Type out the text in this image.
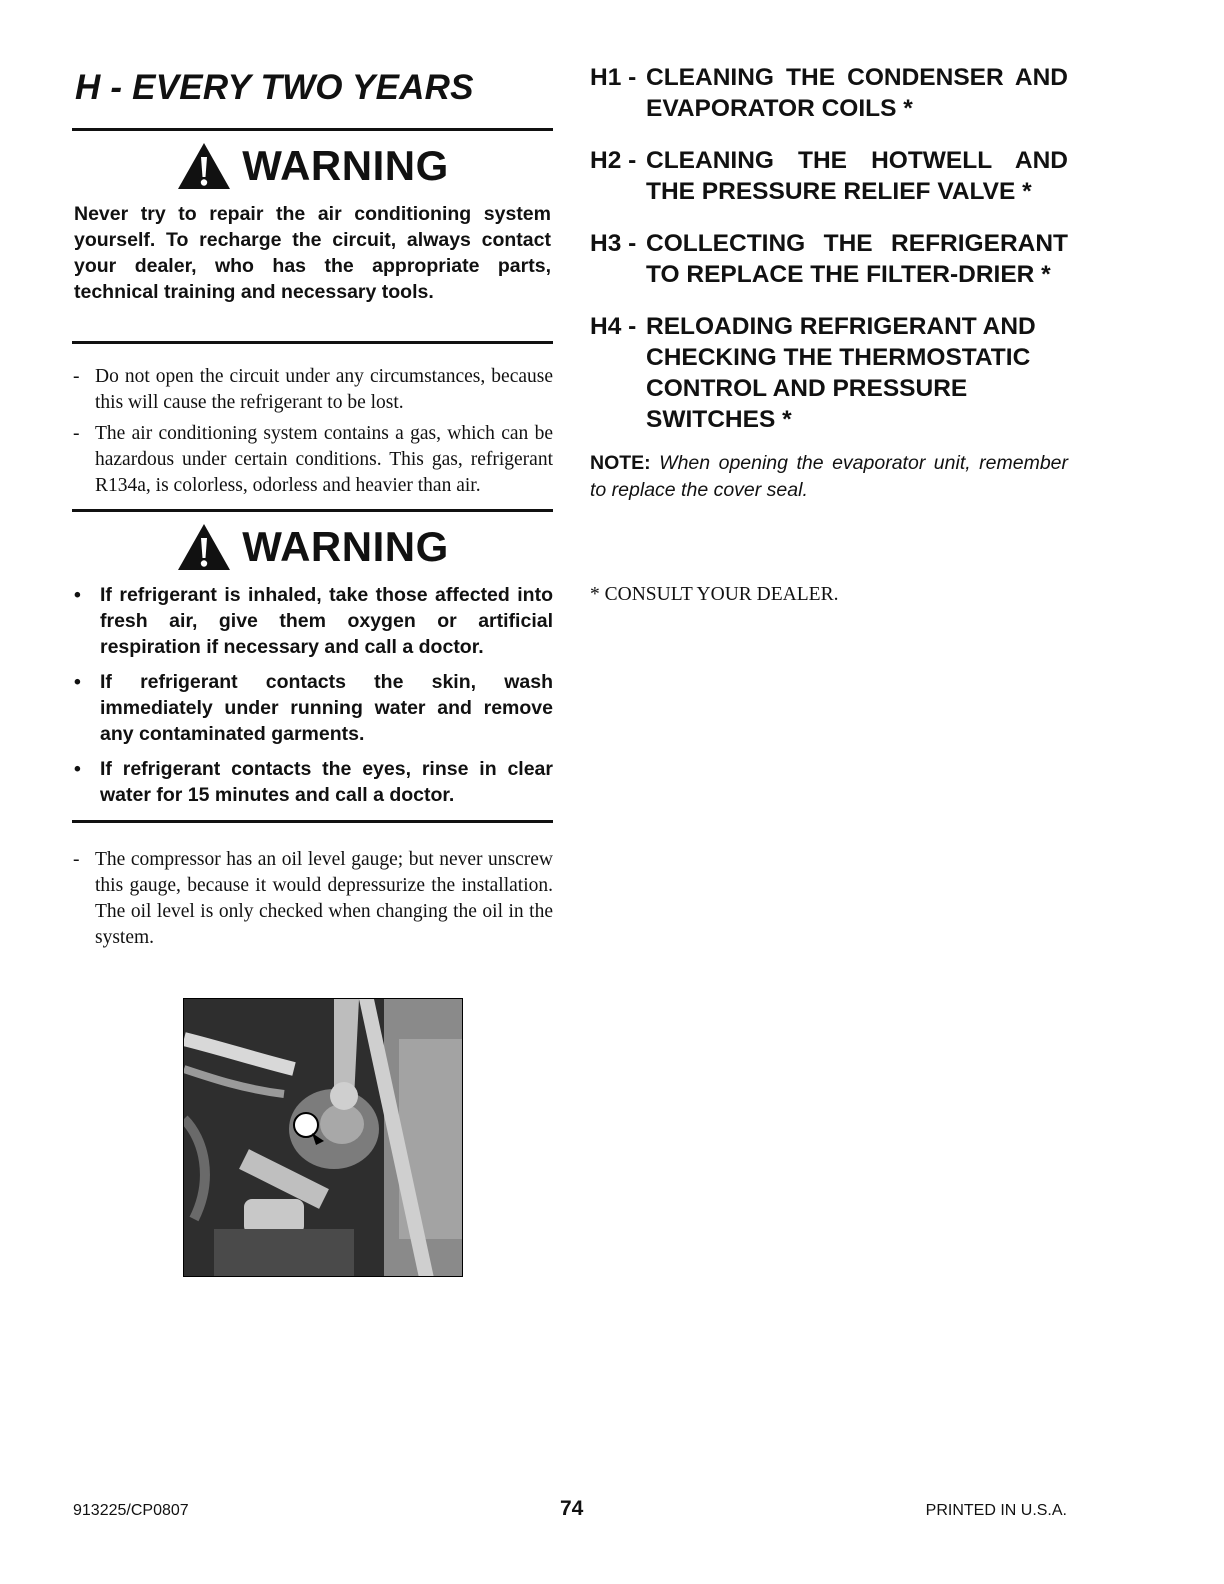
H - EVERY TWO YEARS
WARNING

Never try to repair the air conditioning system yourself. To recharge the circuit, always contact your dealer, who has the appropriate parts, technical training and necessary tools.

- Do not open the circuit under any circumstances, because this will cause the refrigerant to be lost.
- The air conditioning system contains a gas, which can be hazardous under certain conditions. This gas, refrigerant R134a, is colorless, odorless and heavier than air.
WARNING
• If refrigerant is inhaled, take those affected into fresh air, give them oxygen or artificial respiration if necessary and call a doctor.
• If refrigerant contacts the skin, wash immediately under running water and remove any contaminated garments.
• If refrigerant contacts the eyes, rinse in clear water for 15 minutes and call a doctor.
- The compressor has an oil level gauge; but never unscrew this gauge, because it would depressurize the installation. The oil level is only checked when changing the oil in the system.
H1 - CLEANING THE CONDENSER AND EVAPORATOR COILS *
H2 - CLEANING THE HOTWELL AND THE PRESSURE RELIEF VALVE *
H3 - COLLECTING THE REFRIGERANT TO REPLACE THE FILTER-DRIER *
H4 - RELOADING REFRIGERANT AND CHECKING THE THERMOSTATIC CONTROL AND PRESSURE SWITCHES *

NOTE: When opening the evaporator unit, remember to replace the cover seal.

* CONSULT YOUR DEALER.
913225/CP0807	74	PRINTED IN U.S.A.
